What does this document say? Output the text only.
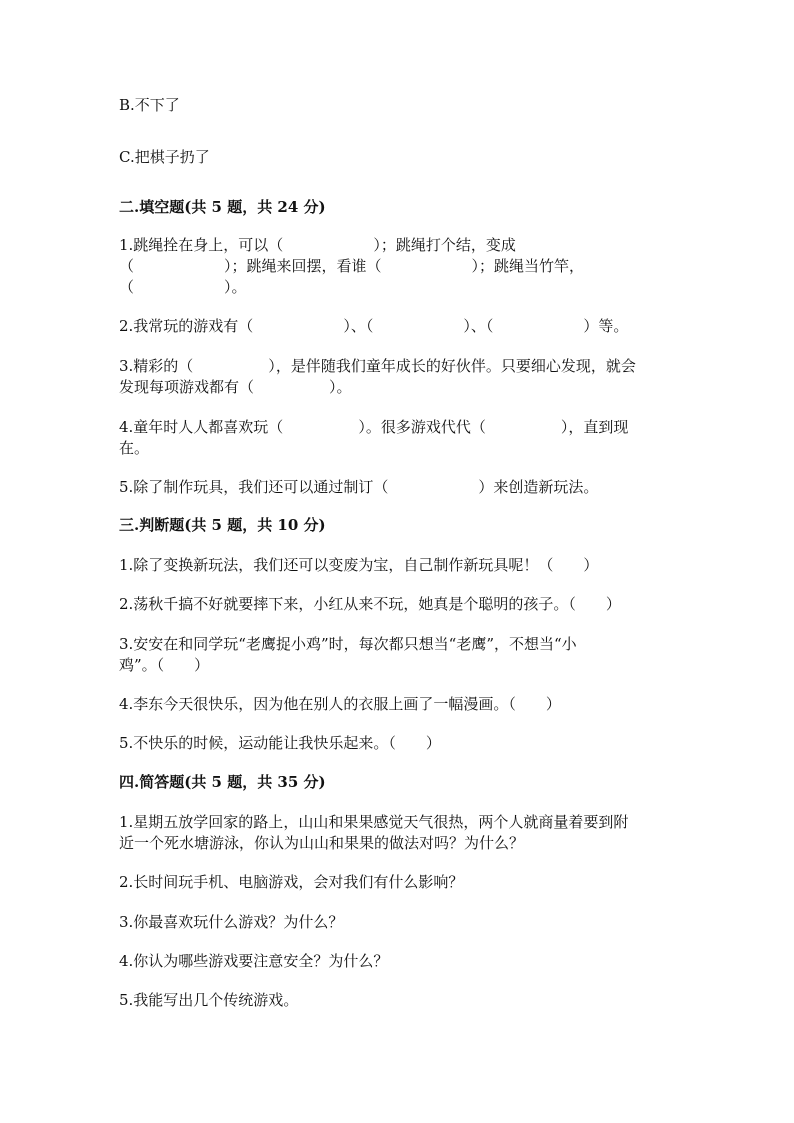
B.不下了
C.把棋子扔了
二.填空题(共 5 题，共 24 分)
1.跳绳拴在身上，可以（　　　　　　）；跳绳打个结，变成
（　　　　　　）；跳绳来回摆，看谁（　　　　　　）；跳绳当竹竿，
（　　　　　　）。
2.我常玩的游戏有（　　　　　　）、（　　　　　　）、（　　　　　　）等。
3.精彩的（　　　　　），是伴随我们童年成长的好伙伴。只要细心发现，就会
发现每项游戏都有（　　　　　）。
4.童年时人人都喜欢玩（　　　　　）。很多游戏代代（　　　　　），直到现
在。
5.除了制作玩具，我们还可以通过制订（　　　　　　）来创造新玩法。
三.判断题(共 5 题，共 10 分)
1.除了变换新玩法，我们还可以变废为宝，自己制作新玩具呢！（　　）
2.荡秋千搞不好就要摔下来，小红从来不玩，她真是个聪明的孩子。（　　）
3.安安在和同学玩“老鹰捉小鸡”时，每次都只想当“老鹰”，不想当“小
鸡”。（　　）
4.李东今天很快乐，因为他在别人的衣服上画了一幅漫画。（　　）
5.不快乐的时候，运动能让我快乐起来。（　　）
四.简答题(共 5 题，共 35 分)
1.星期五放学回家的路上，山山和果果感觉天气很热，两个人就商量着要到附
近一个死水塘游泳，你认为山山和果果的做法对吗？为什么？
2.长时间玩手机、电脑游戏，会对我们有什么影响？
3.你最喜欢玩什么游戏？为什么？
4.你认为哪些游戏要注意安全？为什么？
5.我能写出几个传统游戏。
